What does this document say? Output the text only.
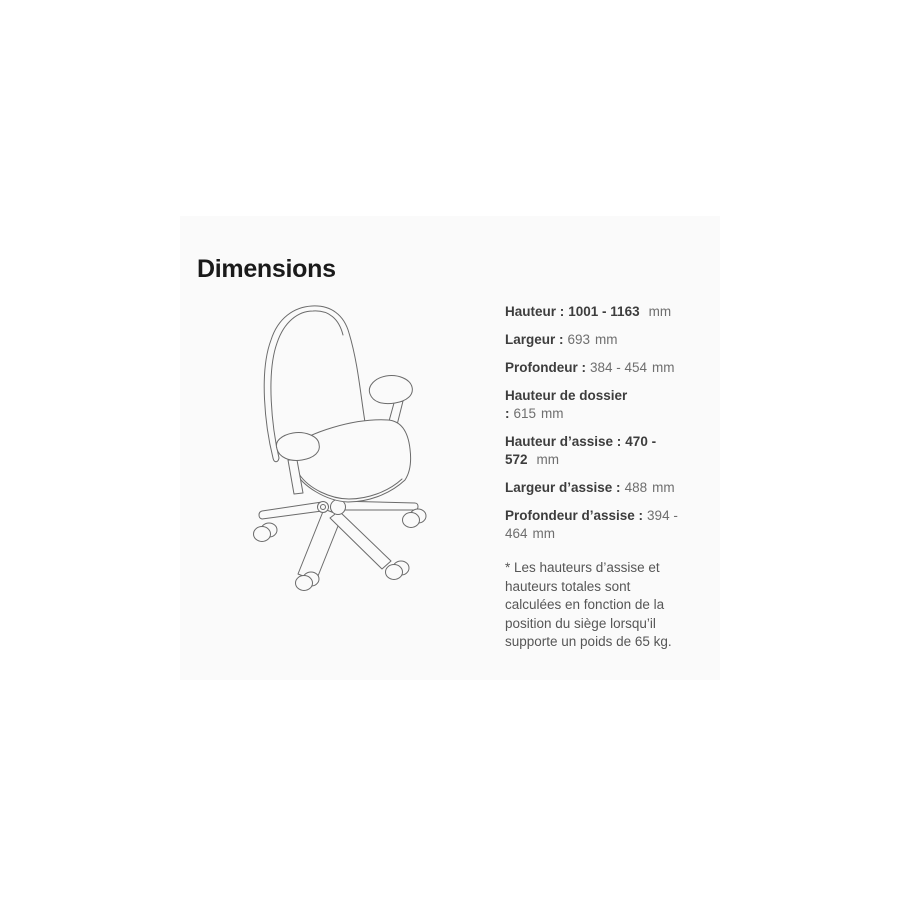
Dimensions

Hauteur : 1001 - 1163 mm

Largeur : 693 mm

Profondeur : 384 - 454 mm

Hauteur de dossier : 615 mm

Hauteur d’assise : 470 - 572 mm

Largeur d’assise : 488 mm

Profondeur d’assise : 394 - 464 mm

* Les hauteurs d’assise et hauteurs totales sont calculées en fonction de la position du siège lorsqu’il supporte un poids de 65 kg.
